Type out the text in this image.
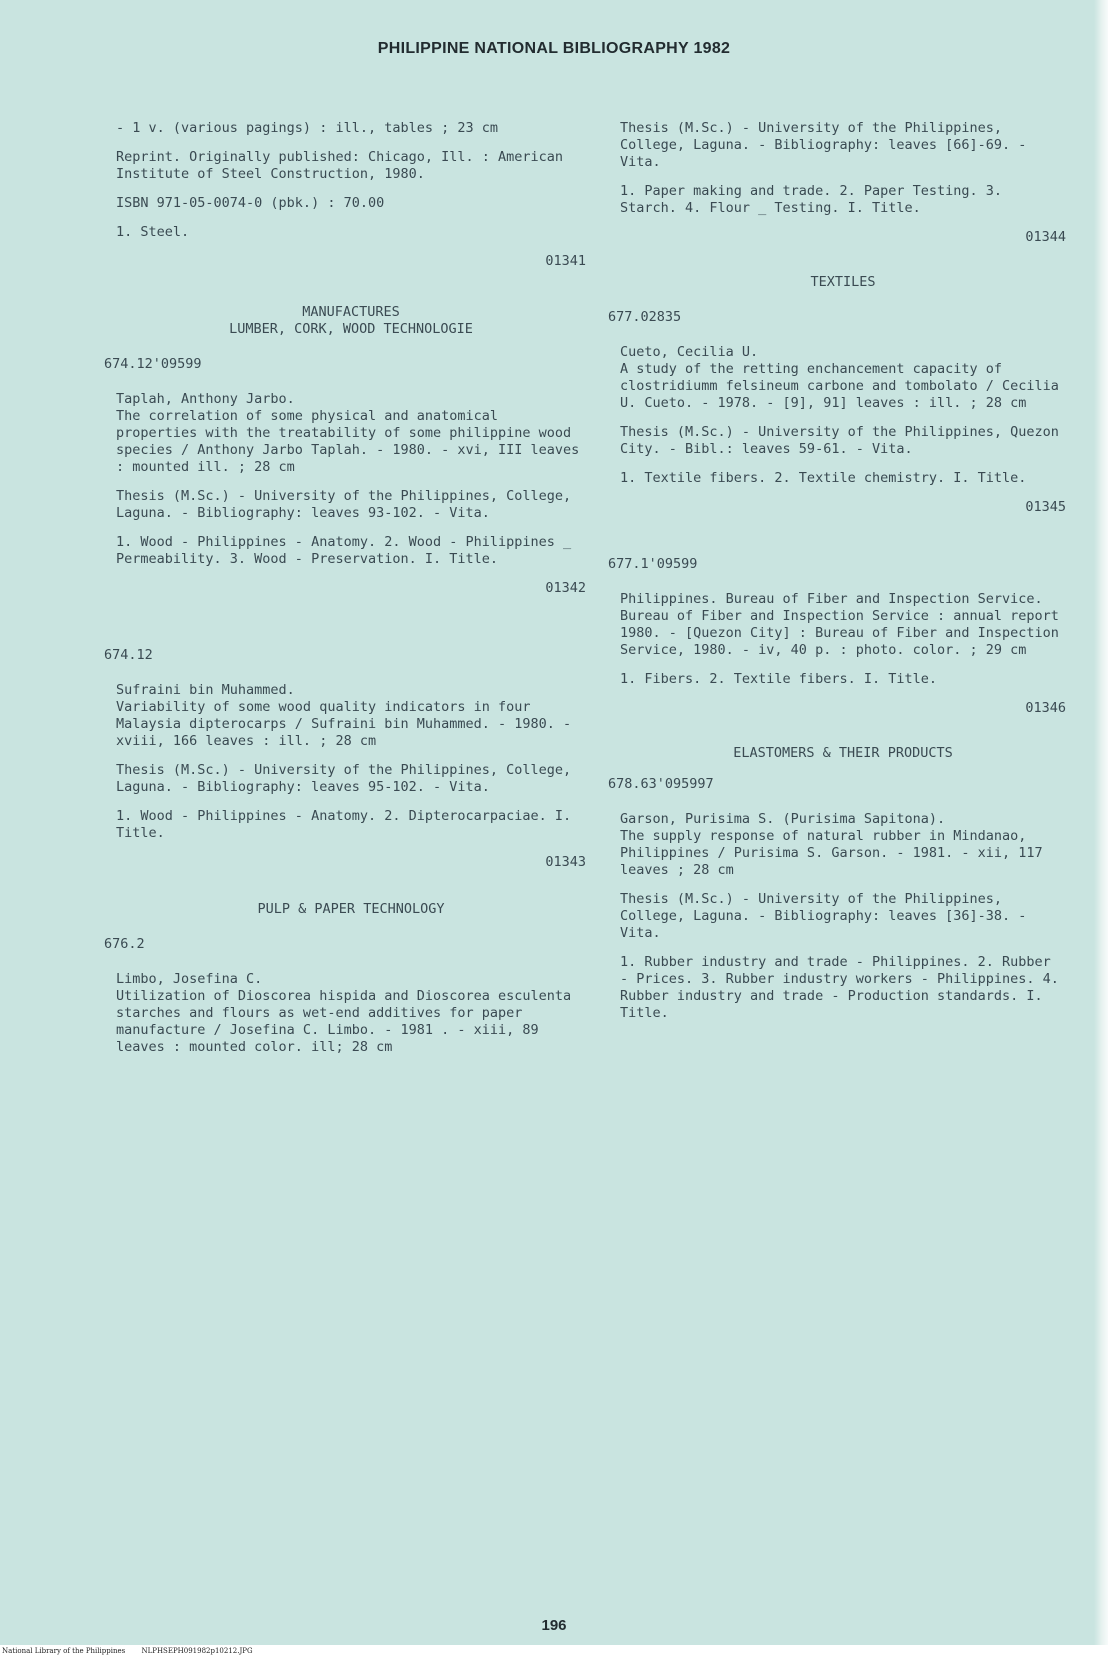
PHILIPPINE NATIONAL BIBLIOGRAPHY 1982

- 1 v. (various pagings) : ill., tables ; 23 cm

Reprint. Originally published: Chicago, Ill. : American Institute of Steel Construction, 1980.

ISBN 971-05-0074-0 (pbk.) : 70.00

1. Steel.

01341
MANUFACTURES
LUMBER, CORK, WOOD TECHNOLOGIE
674.12'09599

Taplah, Anthony Jarbo.

The correlation of some physical and anatomical properties with the treatability of some philippine wood species / Anthony Jarbo Taplah. - 1980. - xvi, III leaves : mounted ill. ; 28 cm

Thesis (M.Sc.) - University of the Philippines, College, Laguna. - Bibliography: leaves 93-102. - Vita.

1. Wood - Philippines - Anatomy. 2. Wood - Philippines _ Permeability. 3. Wood - Preservation. I. Title.

01342
674.12

Sufraini bin Muhammed.

Variability of some wood quality indicators in four Malaysia dipterocarps / Sufraini bin Muhammed. - 1980. - xviii, 166 leaves : ill. ; 28 cm

Thesis (M.Sc.) - University of the Philippines, College, Laguna. - Bibliography: leaves 95-102. - Vita.

1. Wood - Philippines - Anatomy. 2. Dipterocarpaciae. I. Title.

01343
PULP & PAPER TECHNOLOGY
676.2

Limbo, Josefina C.

Utilization of Dioscorea hispida and Dioscorea esculenta starches and flours as wet-end additives for paper manufacture / Josefina C. Limbo. - 1981 . - xiii, 89 leaves : mounted color. ill; 28 cm

Thesis (M.Sc.) - University of the Philippines, College, Laguna. - Bibliography: leaves [66]-69. - Vita.

1. Paper making and trade. 2. Paper Testing. 3. Starch. 4. Flour _ Testing. I. Title.

01344
TEXTILES
677.02835

Cueto, Cecilia U.

A study of the retting enchancement capacity of clostridiumm felsineum carbone and tombolato / Cecilia U. Cueto. - 1978. - [9], 91] leaves : ill. ; 28 cm

Thesis (M.Sc.) - University of the Philippines, Quezon City. - Bibl.: leaves 59-61. - Vita.

1. Textile fibers. 2. Textile chemistry. I. Title.

01345
677.1'09599

Philippines. Bureau of Fiber and Inspection Service.

Bureau of Fiber and Inspection Service : annual report 1980. - [Quezon City] : Bureau of Fiber and Inspection Service, 1980. - iv, 40 p. : photo. color. ; 29 cm

1. Fibers. 2. Textile fibers. I. Title.

01346
ELASTOMERS & THEIR PRODUCTS
678.63'095997

Garson, Purisima S. (Purisima Sapitona).

The supply response of natural rubber in Mindanao, Philippines / Purisima S. Garson. - 1981. - xii, 117 leaves ; 28 cm

Thesis (M.Sc.) - University of the Philippines, College, Laguna. - Bibliography: leaves [36]-38. - Vita.

1. Rubber industry and trade - Philippines. 2. Rubber - Prices. 3. Rubber industry workers - Philippines. 4. Rubber industry and trade - Production standards. I. Title.

196
National Library of the Philippines NLPHSEPH091982p10212.JPG
